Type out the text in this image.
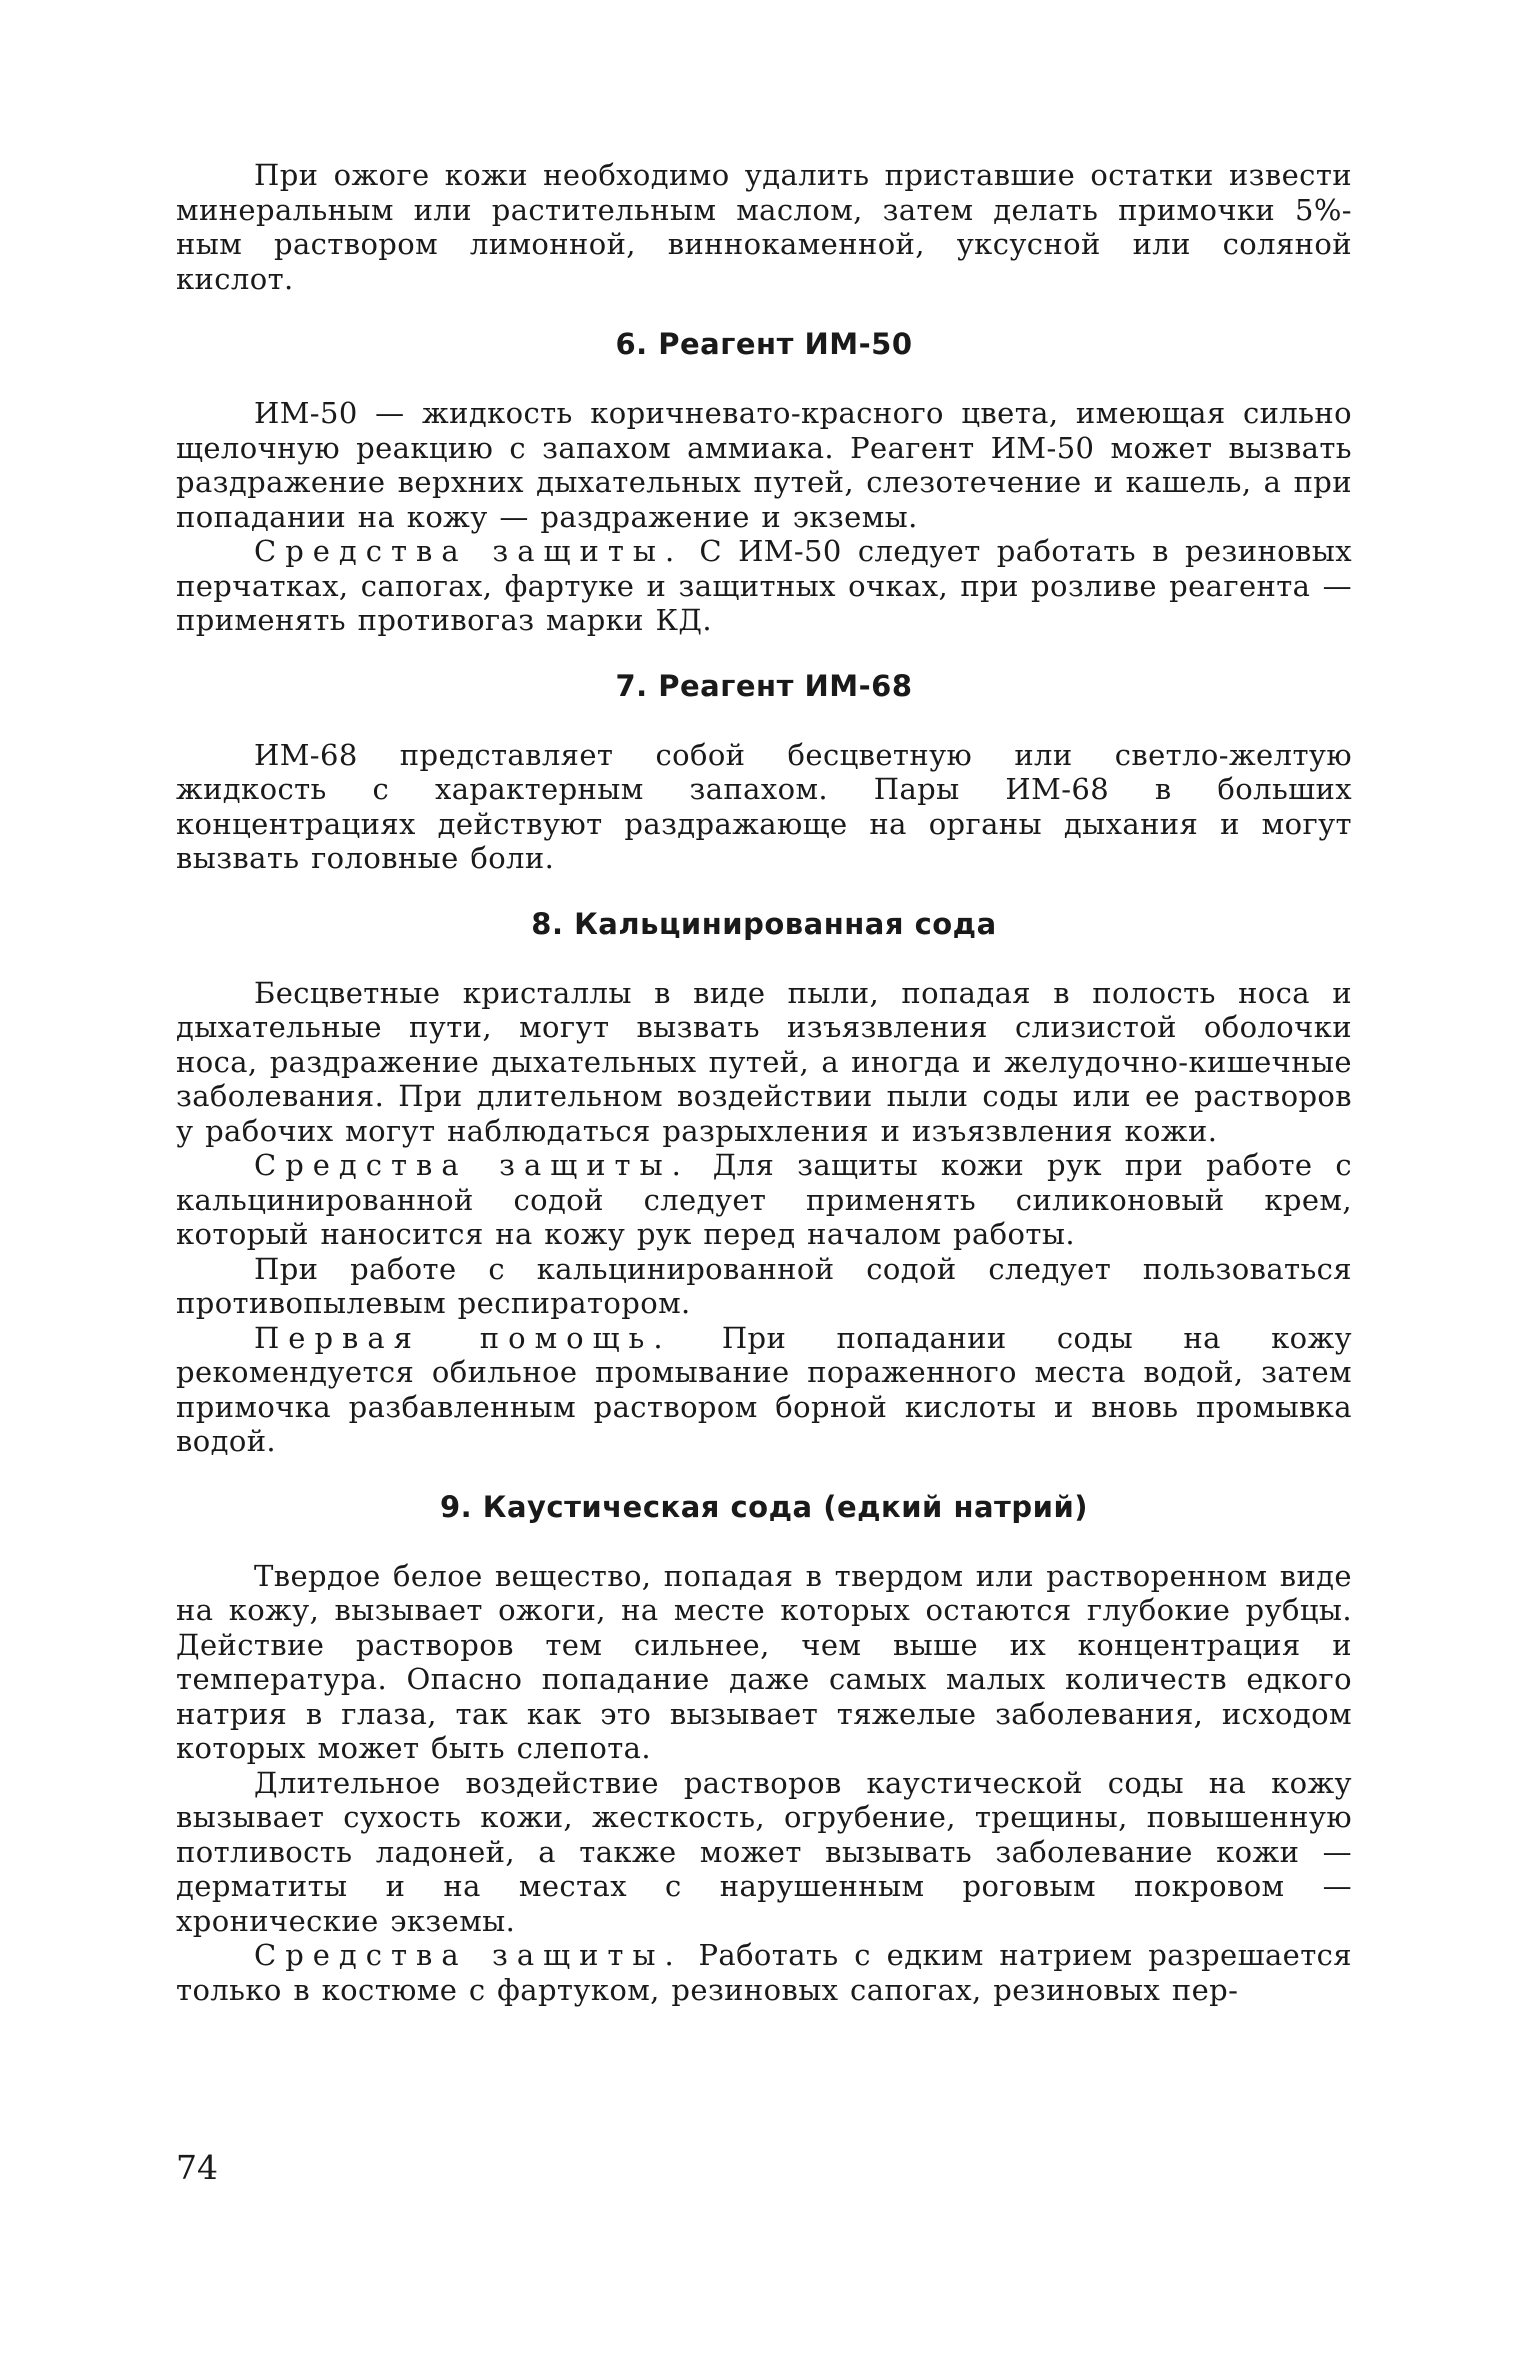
При ожоге кожи необходимо удалить приставшие остатки извести минеральным или растительным маслом, затем делать примочки 5%-ным раствором лимонной, виннокаменной, уксусной или соляной кислот.

6. Реагент ИМ-50

ИМ-50 — жидкость коричневато-красного цвета, имеющая сильно щелочную реакцию с запахом аммиака. Реагент ИМ-50 может вызвать раздражение верхних дыхательных путей, слезотечение и кашель, а при попадании на кожу — раздражение и экземы.

Средства защиты. С ИМ-50 следует работать в резиновых перчатках, сапогах, фартуке и защитных очках, при розливе реагента — применять противогаз марки КД.

7. Реагент ИМ-68

ИМ-68 представляет собой бесцветную или светло-желтую жидкость с характерным запахом. Пары ИМ-68 в больших концентрациях действуют раздражающе на органы дыхания и могут вызвать головные боли.

8. Кальцинированная сода

Бесцветные кристаллы в виде пыли, попадая в полость носа и дыхательные пути, могут вызвать изъязвления слизистой оболочки носа, раздражение дыхательных путей, а иногда и желудочно-кишечные заболевания. При длительном воздействии пыли соды или ее растворов у рабочих могут наблюдаться разрыхления и изъязвления кожи.

Средства защиты. Для защиты кожи рук при работе с кальцинированной содой следует применять силиконовый крем, который наносится на кожу рук перед началом работы.

При работе с кальцинированной содой следует пользоваться противопылевым респиратором.

Первая помощь. При попадании соды на кожу рекомендуется обильное промывание пораженного места водой, затем примочка разбавленным раствором борной кислоты и вновь промывка водой.

9. Каустическая сода (едкий натрий)

Твердое белое вещество, попадая в твердом или растворенном виде на кожу, вызывает ожоги, на месте которых остаются глубокие рубцы. Действие растворов тем сильнее, чем выше их концентрация и температура. Опасно попадание даже самых малых количеств едкого натрия в глаза, так как это вызывает тяжелые заболевания, исходом которых может быть слепота.

Длительное воздействие растворов каустической соды на кожу вызывает сухость кожи, жесткость, огрубение, трещины, повышенную потливость ладоней, а также может вызывать заболевание кожи — дерматиты и на местах с нарушенным роговым покровом — хронические экземы.

Средства защиты. Работать с едким натрием разрешается только в костюме с фартуком, резиновых сапогах, резиновых пер-

74
